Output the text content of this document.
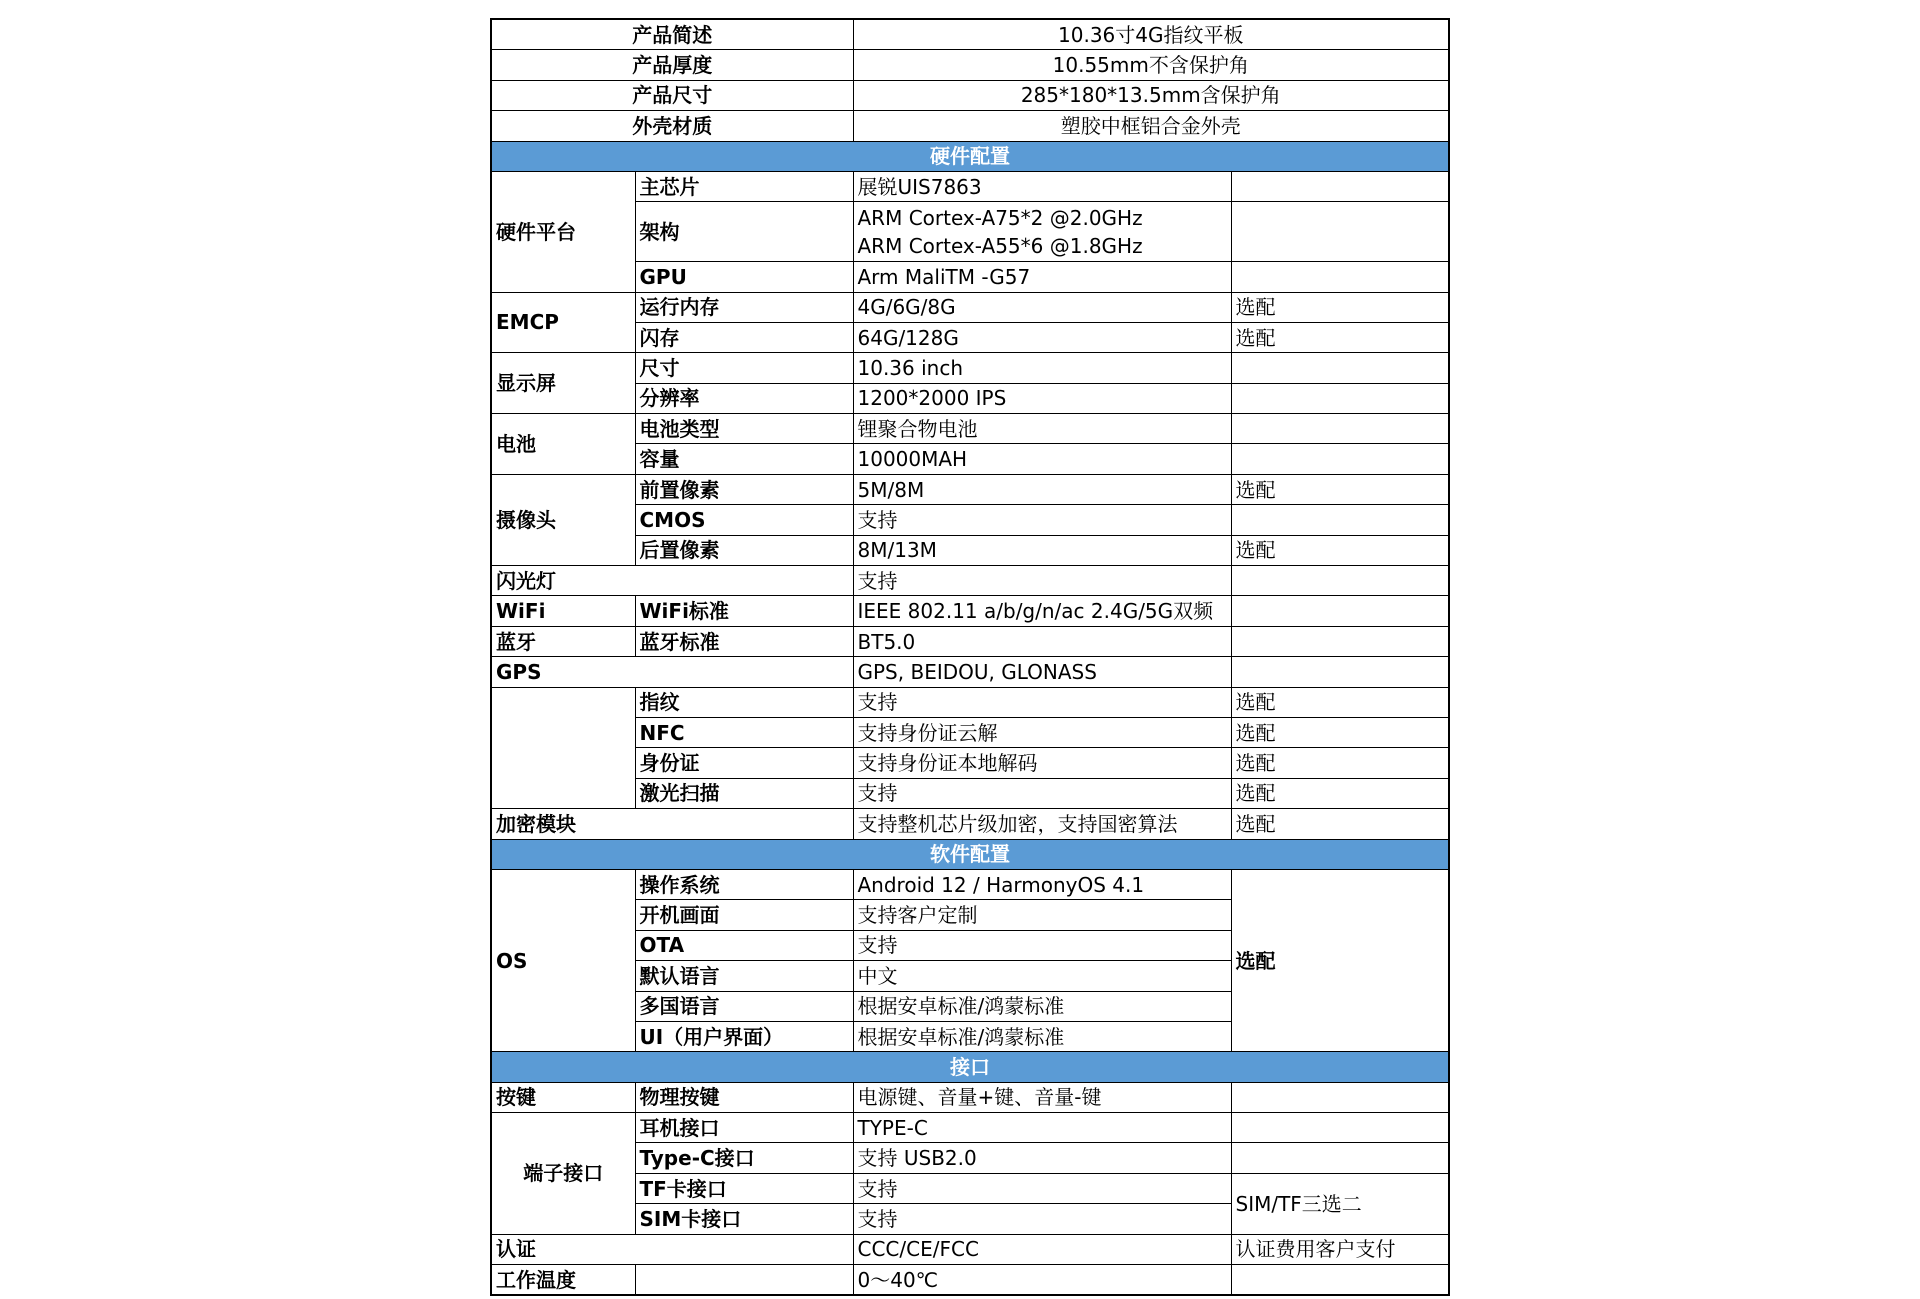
产品简述		10.36寸4G指纹平板	
产品厚度		10.55mm不含保护角	
产品尺寸		285*180*13.5mm含保护角	
外壳材质		塑胶中框铝合金外壳	
硬件配置			
硬件平台	主芯片	展锐UIS7863	
	架构	ARM Cortex-A75*2 @2.0GHz
ARM Cortex-A55*6 @1.8GHz	

	GPU	Arm MaliTM -G57	
EMCP	运行内存	4G/6G/8G	选配
	闪存	64G/128G	选配
显示屏	尺寸	10.36 inch	
	分辨率	1200*2000 IPS	
电池	电池类型	锂聚合物电池	
	容量	10000MAH	
摄像头	前置像素	5M/8M	选配
	CMOS	支持	
	后置像素	8M/13M	选配
闪光灯		支持	
WiFi	WiFi标准	IEEE 802.11 a/b/g/n/ac 2.4G/5G双频	
蓝牙	蓝牙标准	BT5.0	
GPS		GPS, BEIDOU, GLONASS	
	指纹	支持	选配
	NFC	支持身份证云解	选配
	身份证	支持身份证本地解码	选配
	激光扫描	支持	选配
加密模块		支持整机芯片级加密，支持国密算法	选配
软件配置			
OS	操作系统	Android 12 / HarmonyOS 4.1	选配
	开机画面	支持客户定制	
	OTA	支持	
	默认语言	中文	
	多国语言	根据安卓标准/鸿蒙标准	
	UI（用户界面）	根据安卓标准/鸿蒙标准	
接口			
按键	物理按键	电源键、音量+键、音量-键	
端子接口	耳机接口	TYPE-C	
	Type-C接口	支持 USB2.0	
	TF卡接口	支持	SIM/TF三选二
	SIM卡接口	支持	
认证		CCC/CE/FCC	认证费用客户支付
工作温度		0～40℃	
